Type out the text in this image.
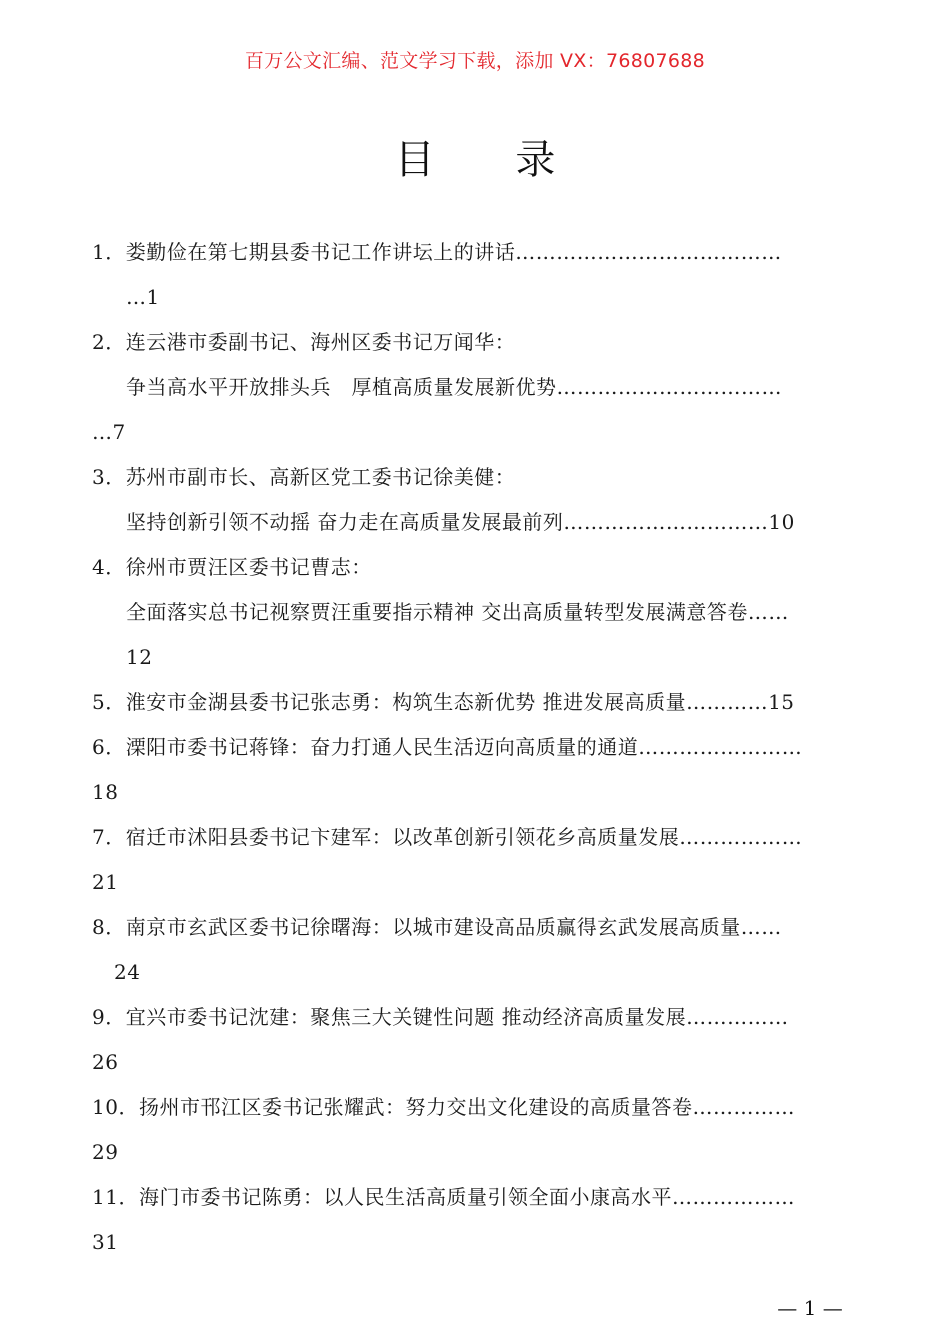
百万公文汇编、范文学习下载，添加 VX：76807688
目 录
1．娄勤俭在第七期县委书记工作讲坛上的讲话…………………………………
…1
2．连云港市委副书记、海州区委书记万闻华：
争当高水平开放排头兵　厚植高质量发展新优势……………………………
…7
3．苏州市副市长、高新区党工委书记徐美健：
坚持创新引领不动摇 奋力走在高质量发展最前列…………………………10
4．徐州市贾汪区委书记曹志：
全面落实总书记视察贾汪重要指示精神 交出高质量转型发展满意答卷……
12
5．淮安市金湖县委书记张志勇：构筑生态新优势 推进发展高质量…………15
6．溧阳市委书记蒋锋：奋力打通人民生活迈向高质量的通道……………………
18
7．宿迁市沭阳县委书记卞建军：以改革创新引领花乡高质量发展………………
21
8．南京市玄武区委书记徐曙海：以城市建设高品质赢得玄武发展高质量……
24
9．宜兴市委书记沈建：聚焦三大关键性问题 推动经济高质量发展……………
26
10．扬州市邗江区委书记张耀武：努力交出文化建设的高质量答卷……………
29
11．海门市委书记陈勇：以人民生活高质量引领全面小康高水平………………
31
— 1 —
